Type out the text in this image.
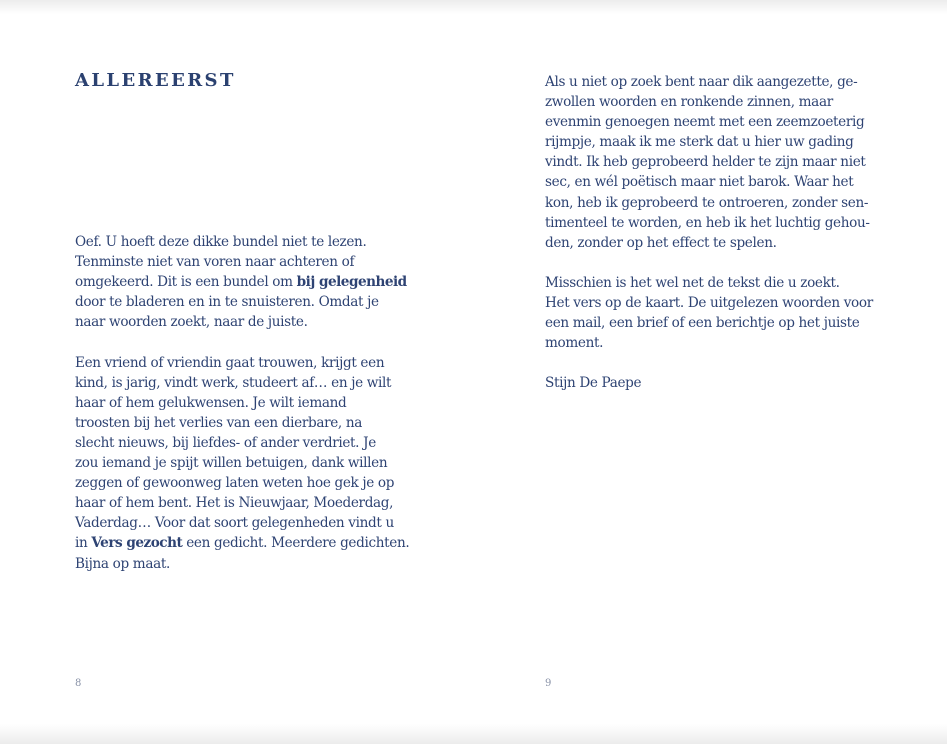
ALLEREERST
Oef. U hoeft deze dikke bundel niet te lezen.
Tenminste niet van voren naar achteren of
omgekeerd. Dit is een bundel om bij gelegenheid
door te bladeren en in te snuisteren. Omdat je
naar woorden zoekt, naar de juiste.
Een vriend of vriendin gaat trouwen, krijgt een
kind, is jarig, vindt werk, studeert af… en je wilt
haar of hem gelukwensen. Je wilt iemand
troosten bij het verlies van een dierbare, na
slecht nieuws, bij liefdes- of ander verdriet. Je
zou iemand je spijt willen betuigen, dank willen
zeggen of gewoonweg laten weten hoe gek je op
haar of hem bent. Het is Nieuwjaar, Moederdag,
Vaderdag… Voor dat soort gelegenheden vindt u
in Vers gezocht een gedicht. Meerdere gedichten.
Bijna op maat.
8
Als u niet op zoek bent naar dik aangezette, ge-
zwollen woorden en ronkende zinnen, maar
evenmin genoegen neemt met een zeemzoeterig
rijmpje, maak ik me sterk dat u hier uw gading
vindt. Ik heb geprobeerd helder te zijn maar niet
sec, en wél poëtisch maar niet barok. Waar het
kon, heb ik geprobeerd te ontroeren, zonder sen-
timenteel te worden, en heb ik het luchtig gehou-
den, zonder op het effect te spelen.
Misschien is het wel net de tekst die u zoekt.
Het vers op de kaart. De uitgelezen woorden voor
een mail, een brief of een berichtje op het juiste
moment.
Stijn De Paepe
9
